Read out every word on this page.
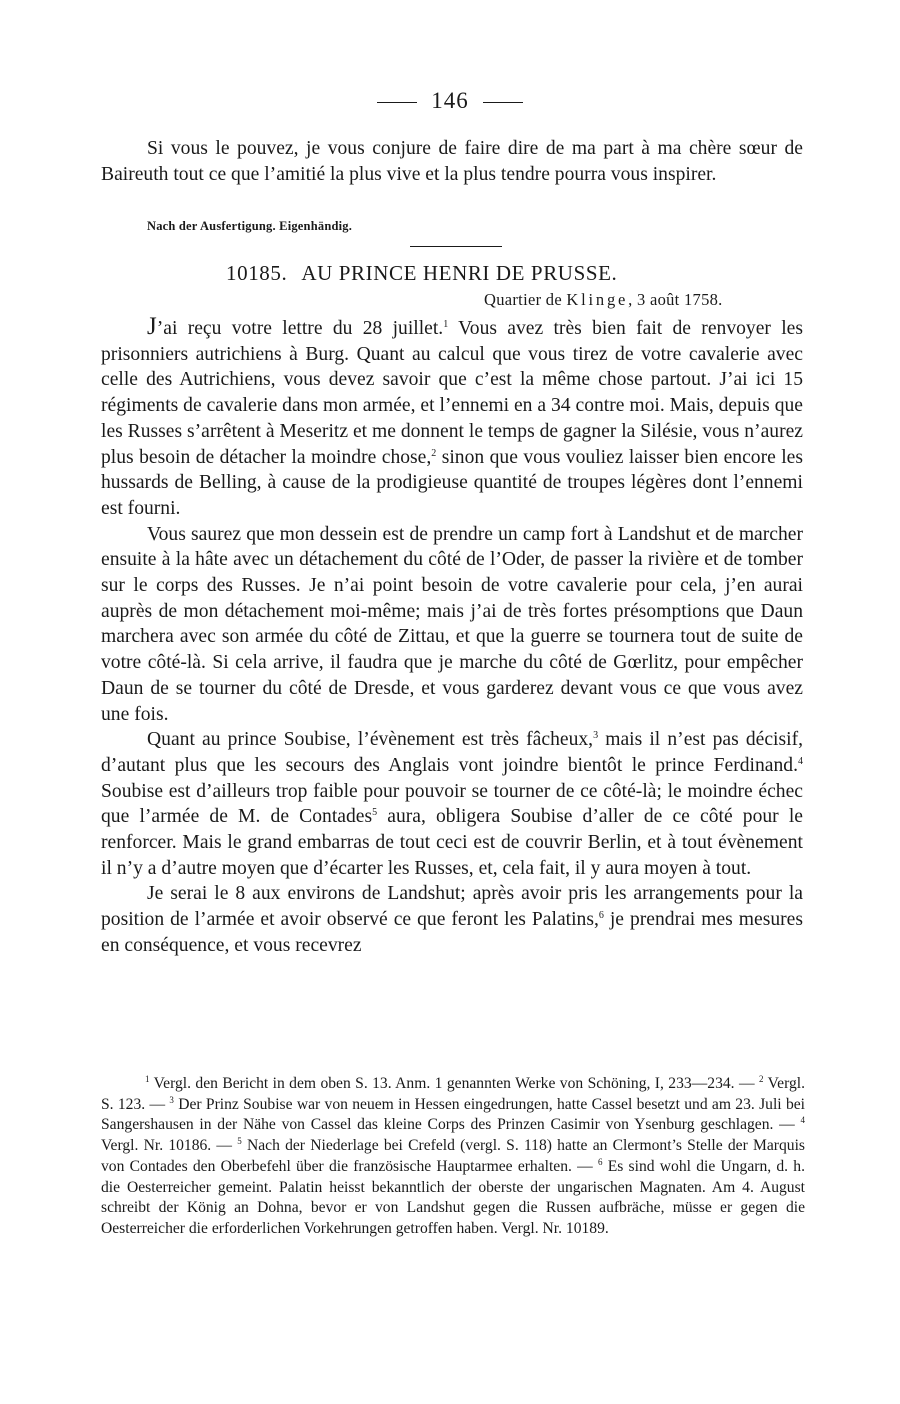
146

Si vous le pouvez, je vous conjure de faire dire de ma part à ma chère sœur de Baireuth tout ce que l’amitié la plus vive et la plus tendre pourra vous inspirer.

Nach der Ausfertigung. Eigenhändig.
10185. AU PRINCE HENRI DE PRUSSE.
Quartier de Klinge, 3 août 1758.

J’ai reçu votre lettre du 28 juillet.$^1$ Vous avez très bien fait de renvoyer les prisonniers autrichiens à Burg. Quant au calcul que vous tirez de votre cavalerie avec celle des Autrichiens, vous devez savoir que c’est la même chose partout. J’ai ici 15 régiments de cavalerie dans mon armée, et l’ennemi en a 34 contre moi. Mais, depuis que les Russes s’arrêtent à Meseritz et me donnent le temps de gagner la Silésie, vous n’aurez plus besoin de détacher la moindre chose,$^2$ sinon que vous vouliez laisser bien encore les hussards de Belling, à cause de la prodigieuse quantité de troupes légères dont l’ennemi est fourni.

Vous saurez que mon dessein est de prendre un camp fort à Landshut et de marcher ensuite à la hâte avec un détachement du côté de l’Oder, de passer la rivière et de tomber sur le corps des Russes. Je n’ai point besoin de votre cavalerie pour cela, j’en aurai auprès de mon détachement moi-même; mais j’ai de très fortes présomptions que Daun marchera avec son armée du côté de Zittau, et que la guerre se tournera tout de suite de votre côté-là. Si cela arrive, il faudra que je marche du côté de Gœrlitz, pour empêcher Daun de se tourner du côté de Dresde, et vous garderez devant vous ce que vous avez une fois.

Quant au prince Soubise, l’évènement est très fâcheux,$^3$ mais il n’est pas décisif, d’autant plus que les secours des Anglais vont joindre bientôt le prince Ferdinand.$^4$ Soubise est d’ailleurs trop faible pour pouvoir se tourner de ce côté-là; le moindre échec que l’armée de M. de Contades$^5$ aura, obligera Soubise d’aller de ce côté pour le renforcer. Mais le grand embarras de tout ceci est de couvrir Berlin, et à tout évènement il n’y a d’autre moyen que d’écarter les Russes, et, cela fait, il y aura moyen à tout.

Je serai le 8 aux environs de Landshut; après avoir pris les arrangements pour la position de l’armée et avoir observé ce que feront les Palatins,$^6$ je prendrai mes mesures en conséquence, et vous recevrez

$^1$ Vergl. den Bericht in dem oben S. 13. Anm. 1 genannten Werke von Schöning, I, 233—234. — $^2$ Vergl. S. 123. — $^3$ Der Prinz Soubise war von neuem in Hessen eingedrungen, hatte Cassel besetzt und am 23. Juli bei Sangershausen in der Nähe von Cassel das kleine Corps des Prinzen Casimir von Ysenburg geschlagen. — $^4$ Vergl. Nr. 10186. — $^5$ Nach der Niederlage bei Crefeld (vergl. S. 118) hatte an Clermont’s Stelle der Marquis von Contades den Oberbefehl über die französische Hauptarmee erhalten. — $^6$ Es sind wohl die Ungarn, d. h. die Oesterreicher gemeint. Palatin heisst bekanntlich der oberste der ungarischen Magnaten. Am 4. August schreibt der König an Dohna, bevor er von Landshut gegen die Russen aufbräche, müsse er gegen die Oesterreicher die erforderlichen Vorkehrungen getroffen haben. Vergl. Nr. 10189.
